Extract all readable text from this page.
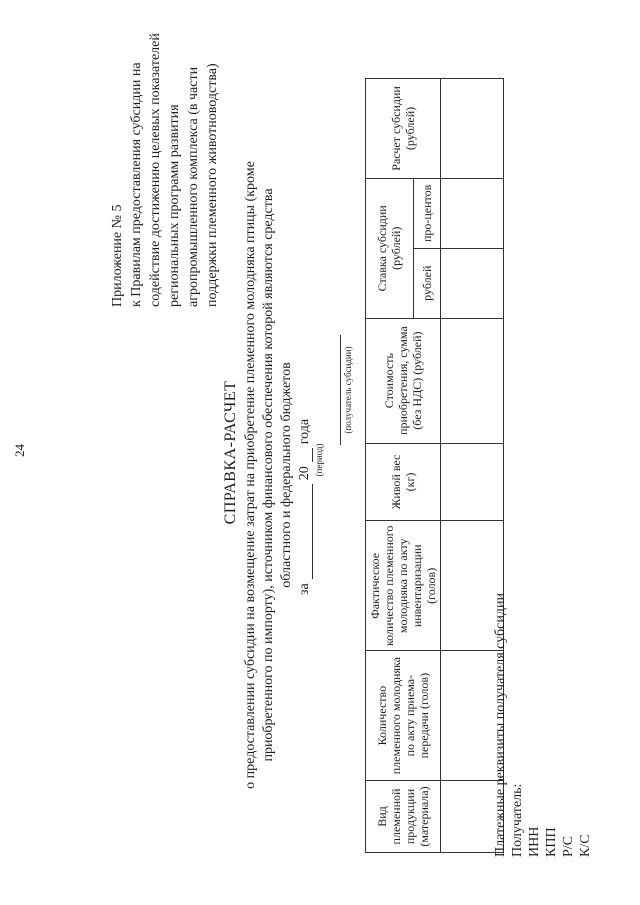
24
Приложение № 5 к Правилам предоставления субсидии на содействие достижению целевых показателей региональных программ развития агропромышленного комплекса (в части поддержки племенного животноводства)
СПРАВКА-РАСЧЕТ о предоставлении субсидии на возмещение затрат на приобретение племенного молодняка птицы (кроме приобретенного по импорту), источником финансового обеспечения которой являются средства областного и федерального бюджетов
за
20
года
(период)
(получатель субсидии)
Вид племенной продукции (материала)	Количество племенного молодняка по акту приема-передачи (голов)	Фактическое количество племенного молодняка по акту инвентаризации (голов)	Живой вес (кг)	Стоимость приобретения, сумма (без НДС) (рублей)	Ставка субсидии (рублей)		Расчет субсидии (рублей)
					рублей	про-центов	

Платежные реквизиты получателя субсидии Получатель: ИНН КПП Р/С К/С
